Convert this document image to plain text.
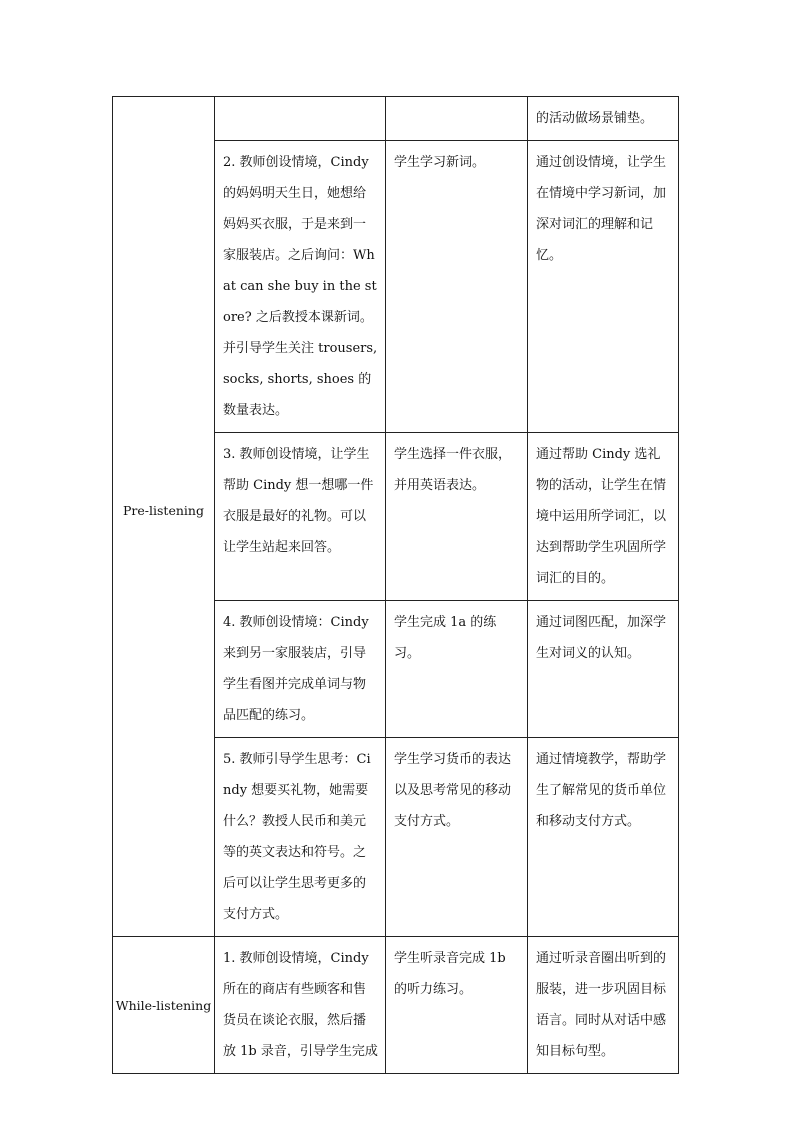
Pre-listening			的活动做场景铺垫。

	2. 教师创设情境，Cindy 的妈妈明天生日，她想给妈妈买衣服，于是来到一家服装店。之后询问：What can she buy in the store? 之后教授本课新词。并引导学生关注 trousers, socks, shorts, shoes 的数量表达。	学生学习新词。	通过创设情境，让学生在情境中学习新词，加深对词汇的理解和记忆。

	3. 教师创设情境，让学生帮助 Cindy 想一想哪一件衣服是最好的礼物。可以让学生站起来回答。	学生选择一件衣服，并用英语表达。	通过帮助 Cindy 选礼物的活动，让学生在情境中运用所学词汇，以达到帮助学生巩固所学词汇的目的。

	4. 教师创设情境：Cindy 来到另一家服装店，引导学生看图并完成单词与物品匹配的练习。	学生完成 1a 的练习。	通过词图匹配，加深学生对词义的认知。

	5. 教师引导学生思考：Cindy 想要买礼物，她需要什么？教授人民币和美元等的英文表达和符号。之后可以让学生思考更多的支付方式。	学生学习货币的表达以及思考常见的移动支付方式。	通过情境教学，帮助学生了解常见的货币单位和移动支付方式。

While-listening	1. 教师创设情境，Cindy 所在的商店有些顾客和售货员在谈论衣服，然后播放 1b 录音，引导学生完成	学生听录音完成 1b 的听力练习。	通过听录音圈出听到的服装，进一步巩固目标语言。同时从对话中感知目标句型。
